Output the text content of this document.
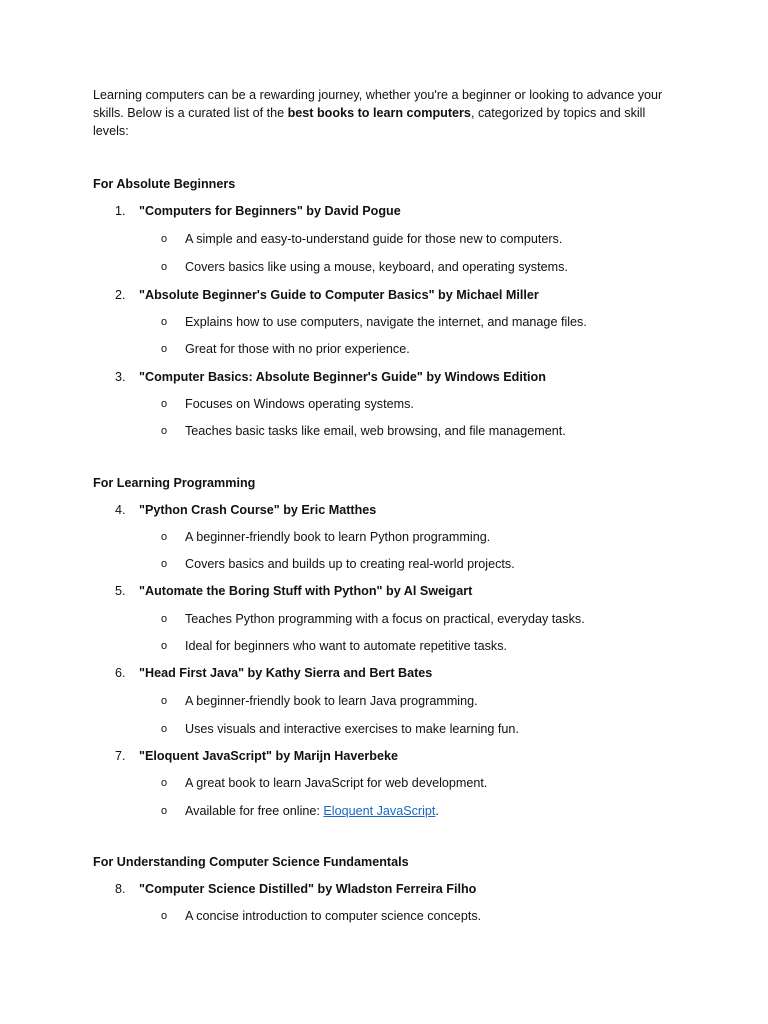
Learning computers can be a rewarding journey, whether you're a beginner or looking to advance your skills. Below is a curated list of the best books to learn computers, categorized by topics and skill levels:

For Absolute Beginners
1. "Computers for Beginners" by David Pogue
o A simple and easy-to-understand guide for those new to computers.
o Covers basics like using a mouse, keyboard, and operating systems.
2. "Absolute Beginner's Guide to Computer Basics" by Michael Miller
o Explains how to use computers, navigate the internet, and manage files.
o Great for those with no prior experience.
3. "Computer Basics: Absolute Beginner's Guide" by Windows Edition
o Focuses on Windows operating systems.
o Teaches basic tasks like email, web browsing, and file management.
For Learning Programming
4. "Python Crash Course" by Eric Matthes
o A beginner-friendly book to learn Python programming.
o Covers basics and builds up to creating real-world projects.
5. "Automate the Boring Stuff with Python" by Al Sweigart
o Teaches Python programming with a focus on practical, everyday tasks.
o Ideal for beginners who want to automate repetitive tasks.
6. "Head First Java" by Kathy Sierra and Bert Bates
o A beginner-friendly book to learn Java programming.
o Uses visuals and interactive exercises to make learning fun.
7. "Eloquent JavaScript" by Marijn Haverbeke
o A great book to learn JavaScript for web development.
o Available for free online: Eloquent JavaScript.
For Understanding Computer Science Fundamentals
8. "Computer Science Distilled" by Wladston Ferreira Filho
o A concise introduction to computer science concepts.
